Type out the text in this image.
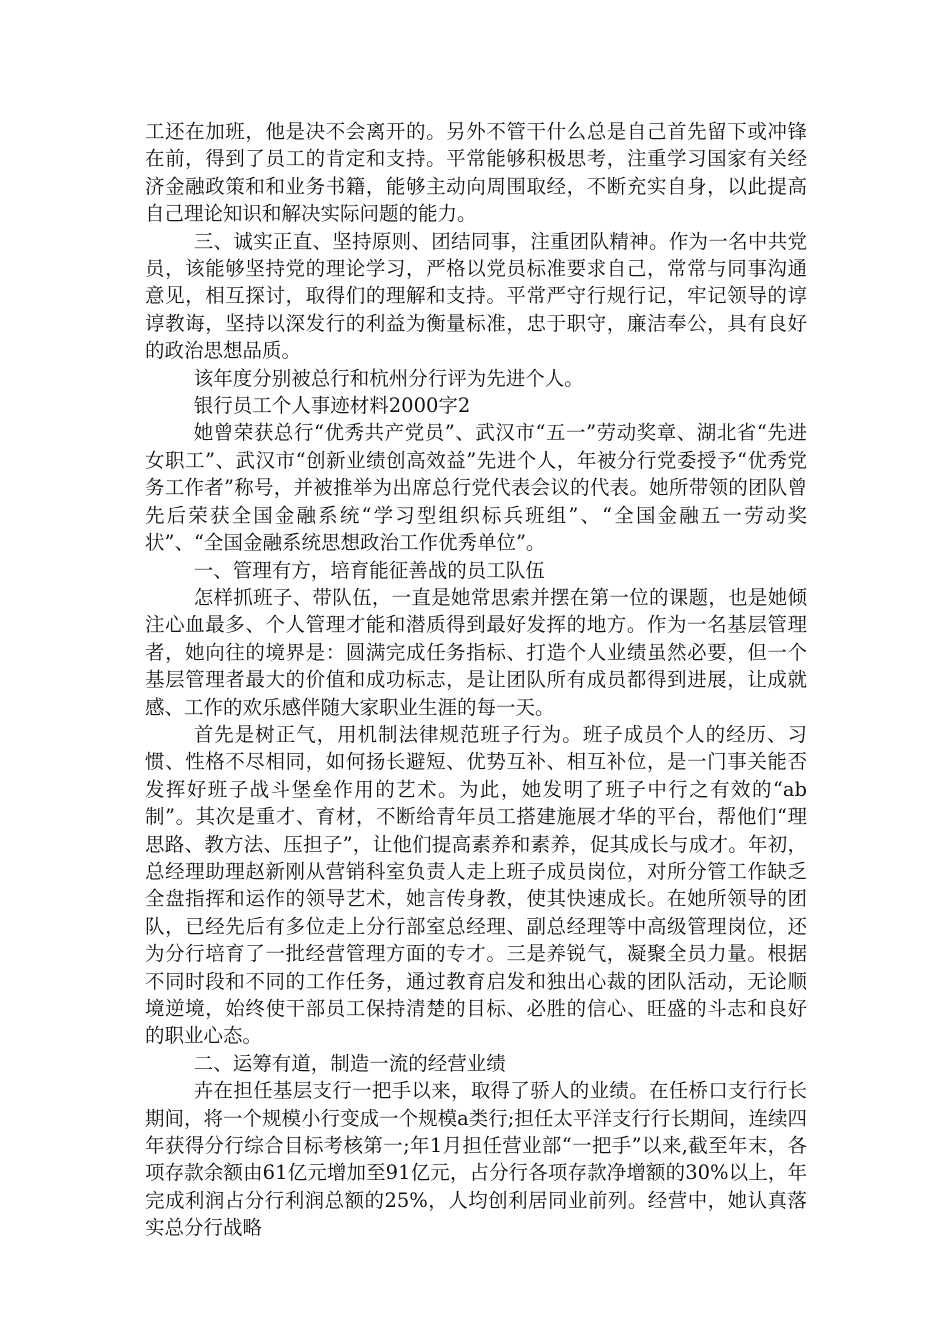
工还在加班，他是决不会离开的。另外不管干什么总是自己首先留下或冲锋在前，得到了员工的肯定和支持。平常能够积极思考，注重学习国家有关经济金融政策和和业务书籍，能够主动向周围取经，不断充实自身，以此提高自己理论知识和解决实际问题的能力。

三、诚实正直、坚持原则、团结同事，注重团队精神。作为一名中共党员，该能够坚持党的理论学习，严格以党员标准要求自己，常常与同事沟通意见，相互探讨，取得们的理解和支持。平常严守行规行记，牢记领导的谆谆教诲，坚持以深发行的利益为衡量标准，忠于职守，廉洁奉公，具有良好的政治思想品质。

该年度分别被总行和杭州分行评为先进个人。

银行员工个人事迹材料2000字2

她曾荣获总行“优秀共产党员”、武汉市“五一”劳动奖章、湖北省“先进女职工”、武汉市“创新业绩创高效益”先进个人，年被分行党委授予“优秀党务工作者”称号，并被推举为出席总行党代表会议的代表。她所带领的团队曾先后荣获全国金融系统“学习型组织标兵班组”、“全国金融五一劳动奖状”、“全国金融系统思想政治工作优秀单位”。

一、管理有方，培育能征善战的员工队伍

怎样抓班子、带队伍，一直是她常思索并摆在第一位的课题，也是她倾注心血最多、个人管理才能和潜质得到最好发挥的地方。作为一名基层管理者，她向往的境界是：圆满完成任务指标、打造个人业绩虽然必要，但一个基层管理者最大的价值和成功标志，是让团队所有成员都得到进展，让成就感、工作的欢乐感伴随大家职业生涯的每一天。

首先是树正气，用机制法律规范班子行为。班子成员个人的经历、习惯、性格不尽相同，如何扬长避短、优势互补、相互补位，是一门事关能否发挥好班子战斗堡垒作用的艺术。为此，她发明了班子中行之有效的“ab制”。其次是重才、育材，不断给青年员工搭建施展才华的平台，帮他们“理思路、教方法、压担子”，让他们提高素养和素养，促其成长与成才。年初，总经理助理赵新刚从营销科室负责人走上班子成员岗位，对所分管工作缺乏全盘指挥和运作的领导艺术，她言传身教，使其快速成长。在她所领导的团队，已经先后有多位走上分行部室总经理、副总经理等中高级管理岗位，还为分行培育了一批经营管理方面的专才。三是养锐气，凝聚全员力量。根据不同时段和不同的工作任务，通过教育启发和独出心裁的团队活动，无论顺境逆境，始终使干部员工保持清楚的目标、必胜的信心、旺盛的斗志和良好的职业心态。

二、运筹有道，制造一流的经营业绩

卉在担任基层支行一把手以来，取得了骄人的业绩。在任桥口支行行长期间，将一个规模小行变成一个规模a类行;担任太平洋支行行长期间，连续四年获得分行综合目标考核第一;年1月担任营业部“一把手”以来,截至年末，各项存款余额由61亿元增加至91亿元，占分行各项存款净增额的30%以上，年完成利润占分行利润总额的25%，人均创利居同业前列。经营中，她认真落实总分行战略
